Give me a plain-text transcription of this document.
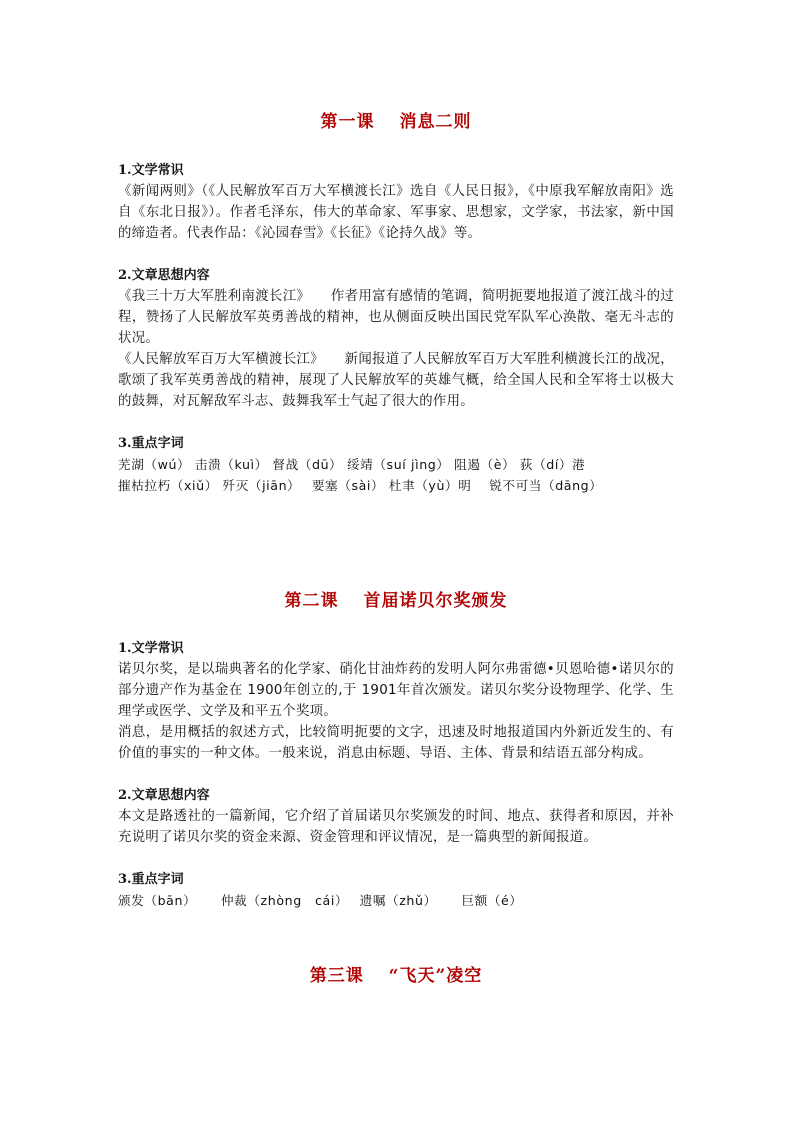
第一课　 消息二则
1.文学常识
《新闻两则》（《人民解放军百万大军横渡长江》选自《人民日报》，《中原我军解放南阳》选自《东北日报》）。作者毛泽东，伟大的革命家、军事家、思想家，文学家，书法家，新中国的缔造者。代表作品：《沁园春雪》《长征》《论持久战》等。
2.文章思想内容
《我三十万大军胜利南渡长江》　　作者用富有感情的笔调，简明扼要地报道了渡江战斗的过程，赞扬了人民解放军英勇善战的精神，也从侧面反映出国民党军队军心涣散、毫无斗志的状况。
《人民解放军百万大军横渡长江》　　新闻报道了人民解放军百万大军胜利横渡长江的战况，歌颂了我军英勇善战的精神，展现了人民解放军的英雄气概，给全国人民和全军将士以极大的鼓舞，对瓦解敌军斗志、鼓舞我军士气起了很大的作用。
3.重点字词
芜湖（wú） 击溃（kuì） 督战（dū） 绥靖（suí jìng） 阻遏（è） 荻（dí）港
摧枯拉朽（xiǔ） 歼灭（jiān）　 要塞（sài） 杜聿（yù）明　 锐不可当（dāng）
第二课　 首届诺贝尔奖颁发
1.文学常识
诺贝尔奖，是以瑞典著名的化学家、硝化甘油炸药的发明人阿尔弗雷德•贝恩哈德•诺贝尔的部分遗产作为基金在 1900年创立的,于 1901年首次颁发。诺贝尔奖分设物理学、化学、生理学或医学、文学及和平五个奖项。
消息，是用概括的叙述方式，比较简明扼要的文字，迅速及时地报道国内外新近发生的、有价值的事实的一种文体。一般来说，消息由标题、导语、主体、背景和结语五部分构成。
2.文章思想内容
本文是路透社的一篇新闻，它介绍了首届诺贝尔奖颁发的时间、地点、获得者和原因，并补充说明了诺贝尔奖的资金来源、资金管理和评议情况，是一篇典型的新闻报道。
3.重点字词
颁发（bān）　　 仲裁（zhòng　cái）　 遗嘱（zhǔ）　　 巨额（é）
第三课　 “飞天”凌空
